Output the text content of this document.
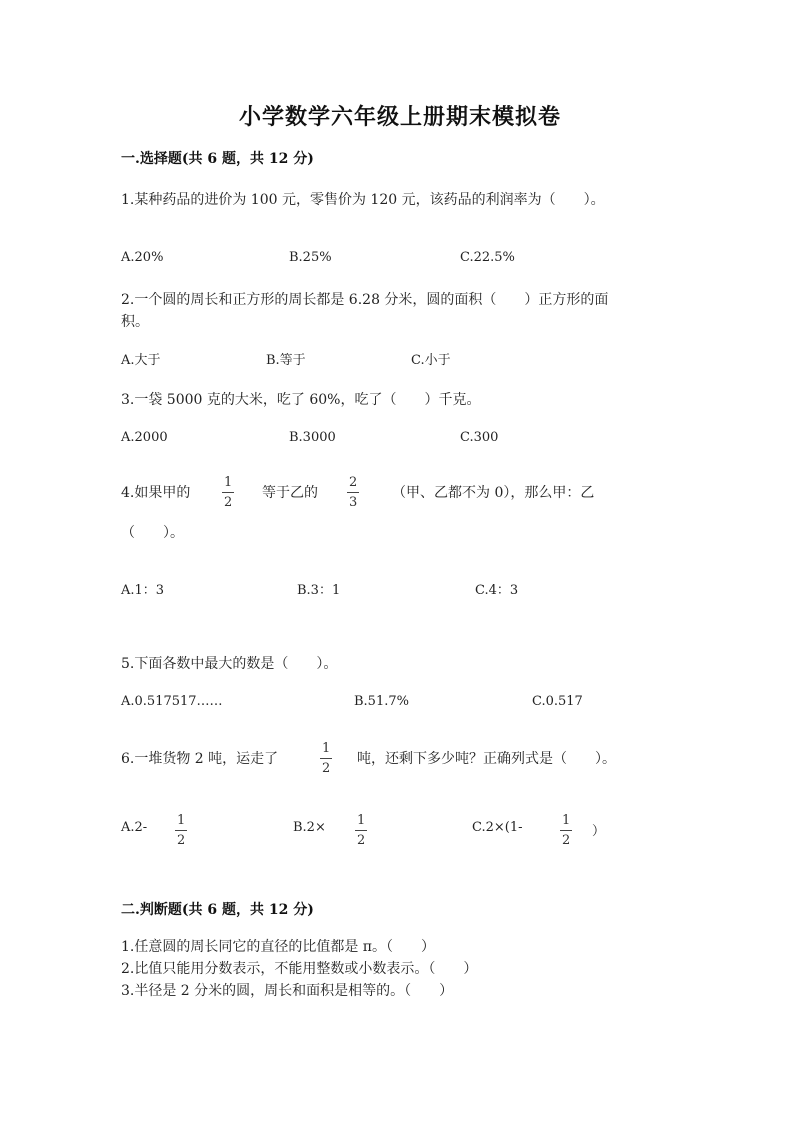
小学数学六年级上册期末模拟卷
一.选择题(共 6 题，共 12 分)
1.某种药品的进价为 100 元，零售价为 120 元，该药品的利润率为（　　）。
A.20%	B.25%	C.22.5%
2.一个圆的周长和正方形的周长都是 6.28 分米，圆的面积（　　）正方形的面
积。
A.大于	B.等于	C.小于
3.一袋 5000 克的大米，吃了 60%，吃了（　　）千克。
A.2000	B.3000	C.300
4.如果甲的
1
2
等于乙的
2
3
（甲、乙都不为 0），那么甲：乙
（　　）。
A.1：3	B.3：1	C.4：3
5.下面各数中最大的数是（　　）。
A.0.517517……	B.51.7%	C.0.517
6.一堆货物 2 吨，运走了
1
2
吨，还剩下多少吨？正确列式是（　　）。
A.2- 1
2
B.2× 1
2
C.2×(1-	1
2
）
二.判断题(共 6 题，共 12 分)
1.任意圆的周长同它的直径的比值都是 π。（　　）
2.比值只能用分数表示，不能用整数或小数表示。（　　）
3.半径是 2 分米的圆，周长和面积是相等的。（　　）
